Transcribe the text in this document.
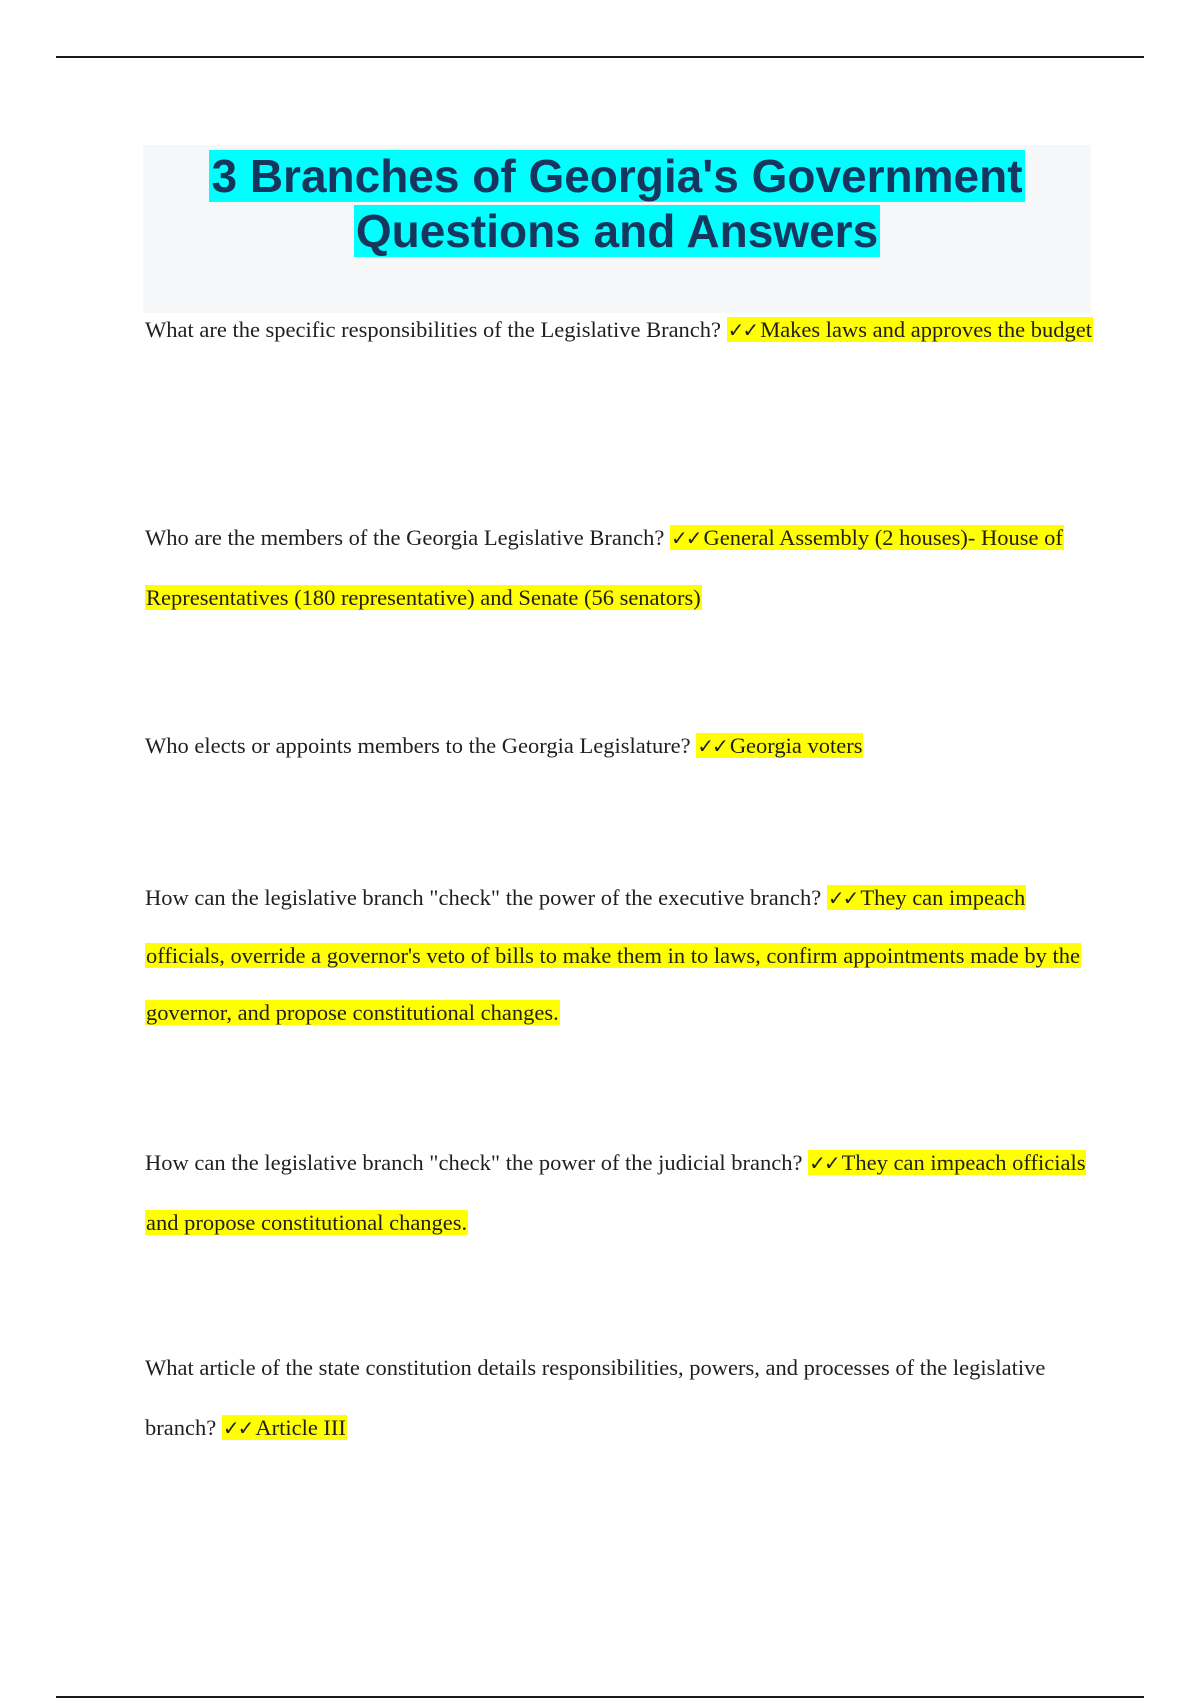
3 Branches of Georgia's Government
Questions and Answers

What are the specific responsibilities of the Legislative Branch? ✓✓ Makes laws and approves the budget

Who are the members of the Georgia Legislative Branch? ✓✓ General Assembly (2 houses)- House of Representatives (180 representative) and Senate (56 senators)

Who elects or appoints members to the Georgia Legislature? ✓✓ Georgia voters

How can the legislative branch "check" the power of the executive branch? ✓✓ They can impeach officials, override a governor's veto of bills to make them in to laws, confirm appointments made by the governor, and propose constitutional changes.

How can the legislative branch "check" the power of the judicial branch? ✓✓ They can impeach officials and propose constitutional changes.

What article of the state constitution details responsibilities, powers, and processes of the legislative branch? ✓✓ Article III
